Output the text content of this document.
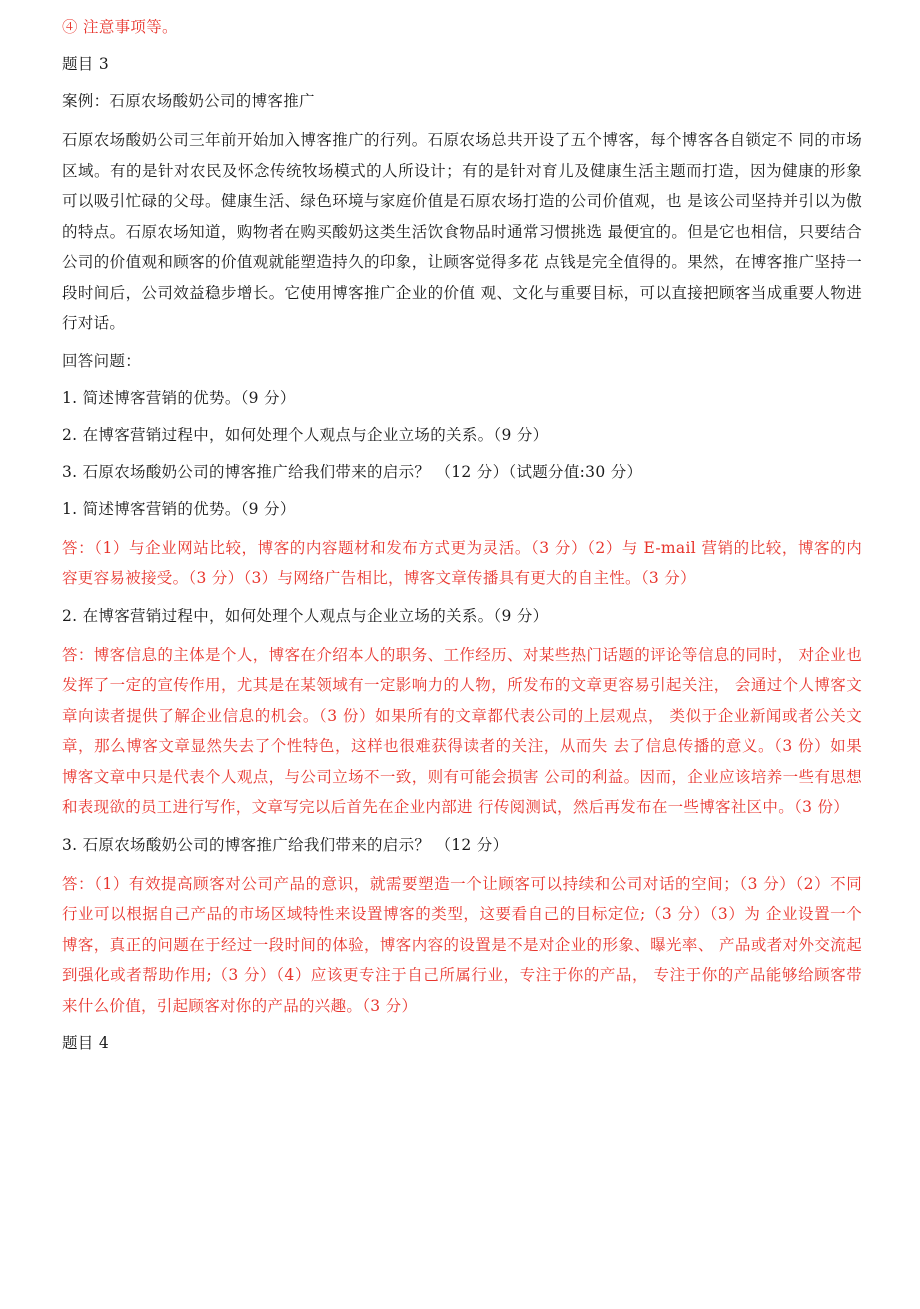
④ 注意事项等。
题目 3
案例：石原农场酸奶公司的博客推广
石原农场酸奶公司三年前开始加入博客推广的行列。石原农场总共开设了五个博客，每个博客各自锁定不 同的市场区域。有的是针对农民及怀念传统牧场模式的人所设计；有的是针对育儿及健康生活主题而打造，因为健康的形象可以吸引忙碌的父母。健康生活、绿色环境与家庭价值是石原农场打造的公司价值观，也 是该公司坚持并引以为傲的特点。石原农场知道，购物者在购买酸奶这类生活饮食物品时通常习惯挑选 最便宜的。但是它也相信，只要结合公司的价值观和顾客的价值观就能塑造持久的印象，让顾客觉得多花 点钱是完全值得的。果然，在博客推广坚持一段时间后，公司效益稳步增长。它使用博客推广企业的价值 观、文化与重要目标，可以直接把顾客当成重要人物进行对话。
回答问题：
1. 简述博客营销的优势。（9 分）
2. 在博客营销过程中，如何处理个人观点与企业立场的关系。（9 分）
3. 石原农场酸奶公司的博客推广给我们带来的启示？ （12 分）（试题分值:30 分）
1. 简述博客营销的优势。（9 分）
答：（1）与企业网站比较，博客的内容题材和发布方式更为灵活。（3 分）（2）与 E-mail 营销的比较，博客的内容更容易被接受。（3 分）（3）与网络广告相比，博客文章传播具有更大的自主性。（3 分）
2. 在博客营销过程中，如何处理个人观点与企业立场的关系。（9 分）
答：博客信息的主体是个人，博客在介绍本人的职务、工作经历、对某些热门话题的评论等信息的同时， 对企业也发挥了一定的宣传作用，尤其是在某领域有一定影响力的人物，所发布的文章更容易引起关注， 会通过个人博客文章向读者提供了解企业信息的机会。（3 份）如果所有的文章都代表公司的上层观点， 类似于企业新闻或者公关文章，那么博客文章显然失去了个性特色，这样也很难获得读者的关注，从而失 去了信息传播的意义。（3 份）如果博客文章中只是代表个人观点，与公司立场不一致，则有可能会损害 公司的利益。因而，企业应该培养一些有思想和表现欲的员工进行写作，文章写完以后首先在企业内部进 行传阅测试，然后再发布在一些博客社区中。（3 份）
3. 石原农场酸奶公司的博客推广给我们带来的启示？ （12 分）
答：（1）有效提高顾客对公司产品的意识，就需要塑造一个让顾客可以持续和公司对话的空间；（3 分）（2）不同行业可以根据自己产品的市场区域特性来设置博客的类型，这要看自己的目标定位;（3 分）（3）为 企业设置一个博客，真正的问题在于经过一段时间的体验，博客内容的设置是不是对企业的形象、曝光率、 产品或者对外交流起到强化或者帮助作用;（3 分）（4）应该更专注于自己所属行业，专注于你的产品， 专注于你的产品能够给顾客带来什么价值，引起顾客对你的产品的兴趣。（3 分）
题目 4
